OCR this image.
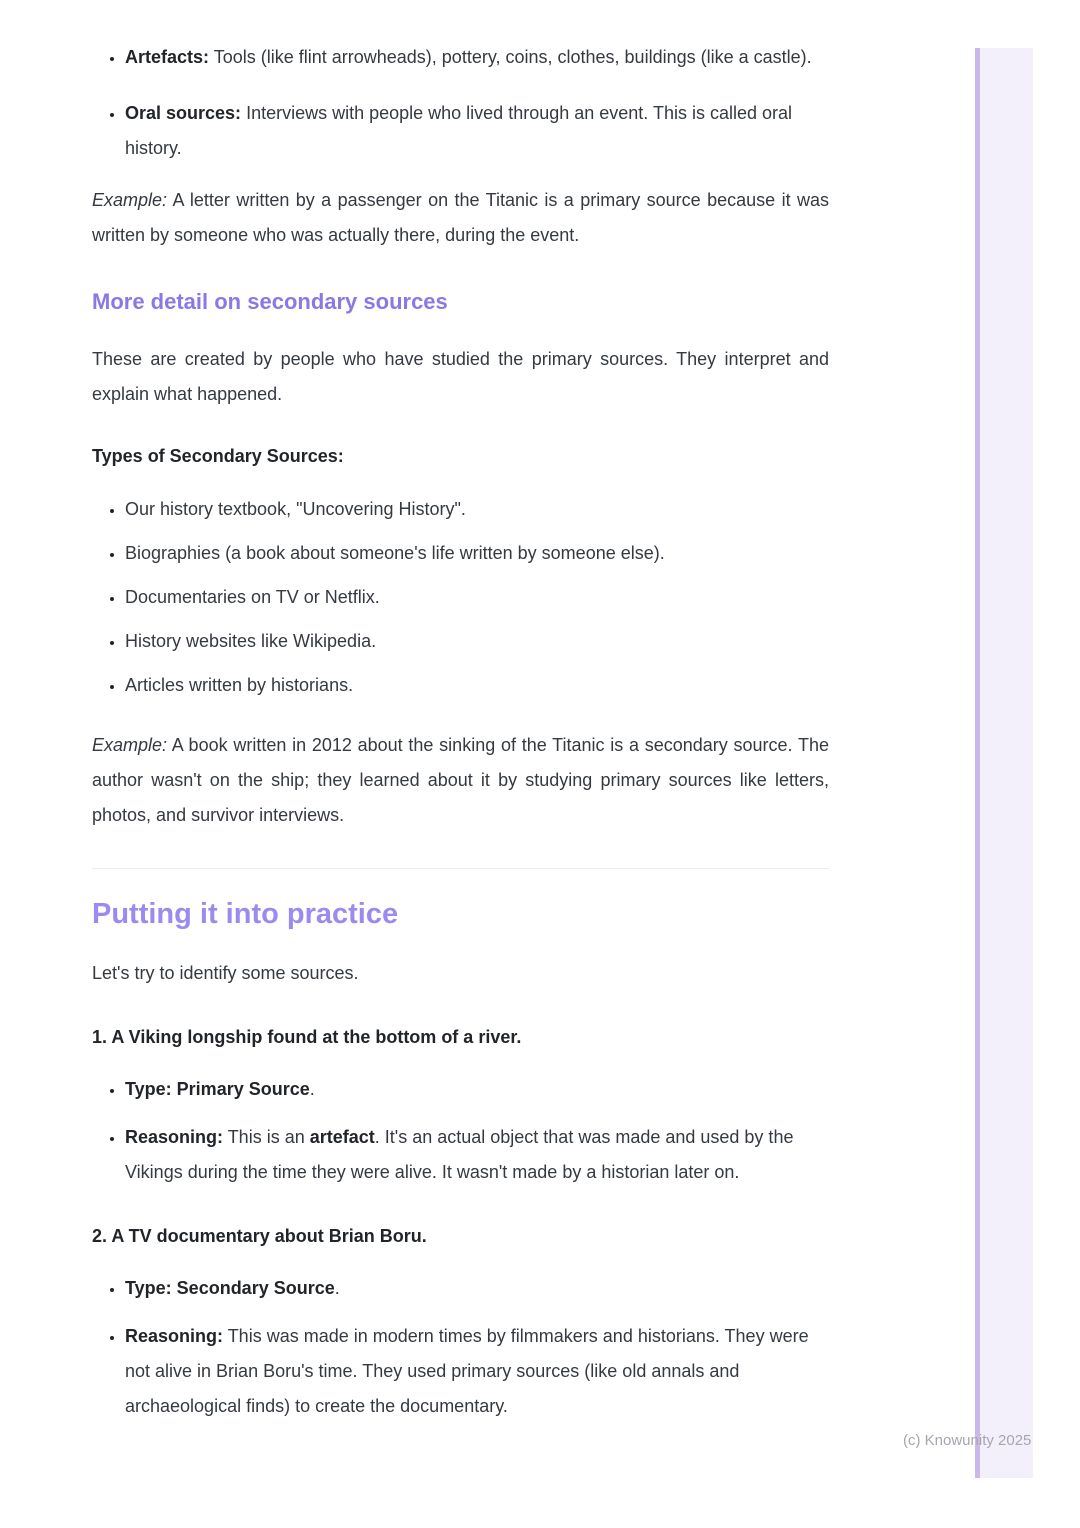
(c) Knowunity 2025
• Artefacts: Tools (like flint arrowheads), pottery, coins, clothes, buildings (like a castle).
• Oral sources: Interviews with people who lived through an event. This is called oral history.

Example: A letter written by a passenger on the Titanic is a primary source because it was written by someone who was actually there, during the event.

More detail on secondary sources

These are created by people who have studied the primary sources. They interpret and explain what happened.

Types of Secondary Sources:

• Our history textbook, "Uncovering History".
• Biographies (a book about someone's life written by someone else).
• Documentaries on TV or Netflix.
• History websites like Wikipedia.
• Articles written by historians.

Example: A book written in 2012 about the sinking of the Titanic is a secondary source. The author wasn't on the ship; they learned about it by studying primary sources like letters, photos, and survivor interviews.

Putting it into practice

Let's try to identify some sources.

1. A Viking longship found at the bottom of a river.

• Type: Primary Source.
• Reasoning: This is an artefact. It's an actual object that was made and used by the Vikings during the time they were alive. It wasn't made by a historian later on.

2. A TV documentary about Brian Boru.

• Type: Secondary Source.
• Reasoning: This was made in modern times by filmmakers and historians. They were not alive in Brian Boru's time. They used primary sources (like old annals and archaeological finds) to create the documentary.
